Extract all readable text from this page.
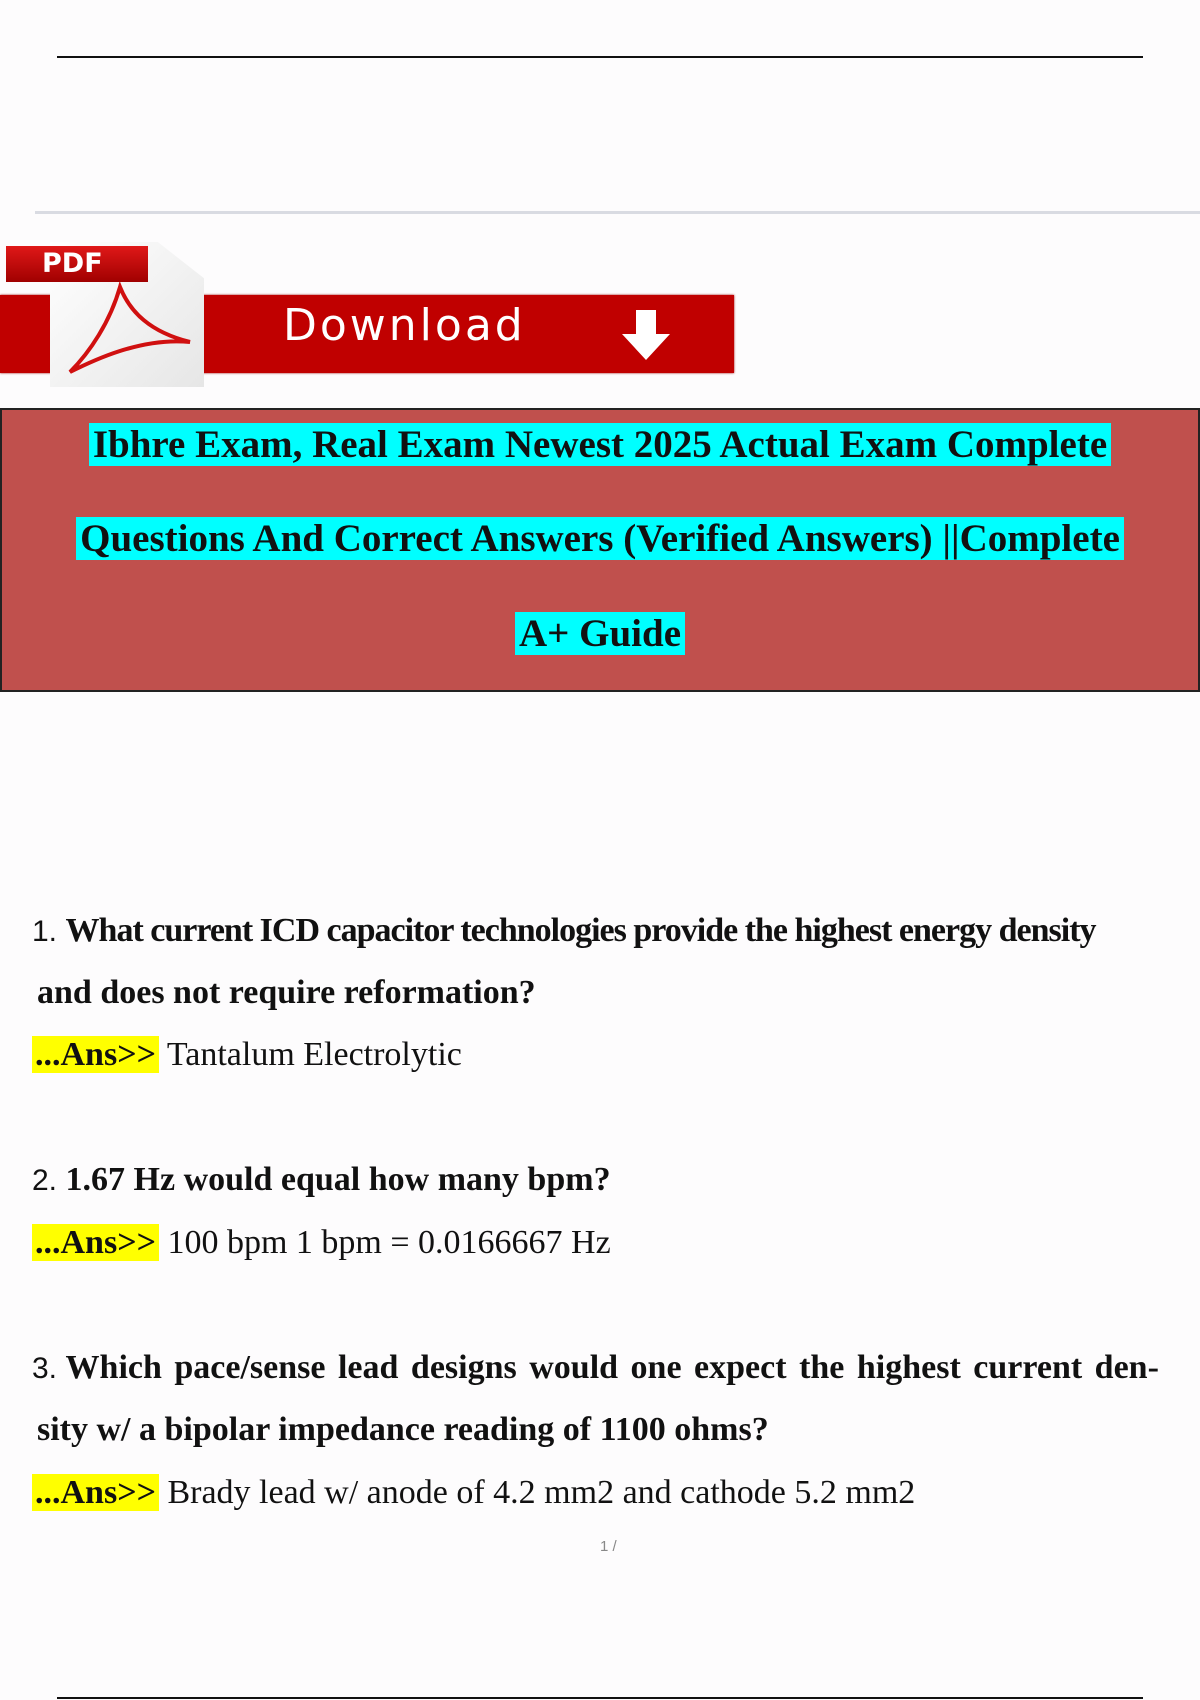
Download
PDF
Ibhre Exam, Real Exam Newest 2025 Actual Exam Complete
Questions And Correct Answers (Verified Answers) ||Complete
A+ Guide
1. What current ICD capacitor technologies provide the highest energy density
and does not require reformation?
...Ans>> Tantalum Electrolytic
2. 1.67 Hz would equal how many bpm?
...Ans>> 100 bpm 1 bpm = 0.0166667 Hz
3. Which pace/sense lead designs would one expect the highest current den-
sity w/ a bipolar impedance reading of 1100 ohms?
...Ans>> Brady lead w/ anode of 4.2 mm2 and cathode 5.2 mm2
1 /
